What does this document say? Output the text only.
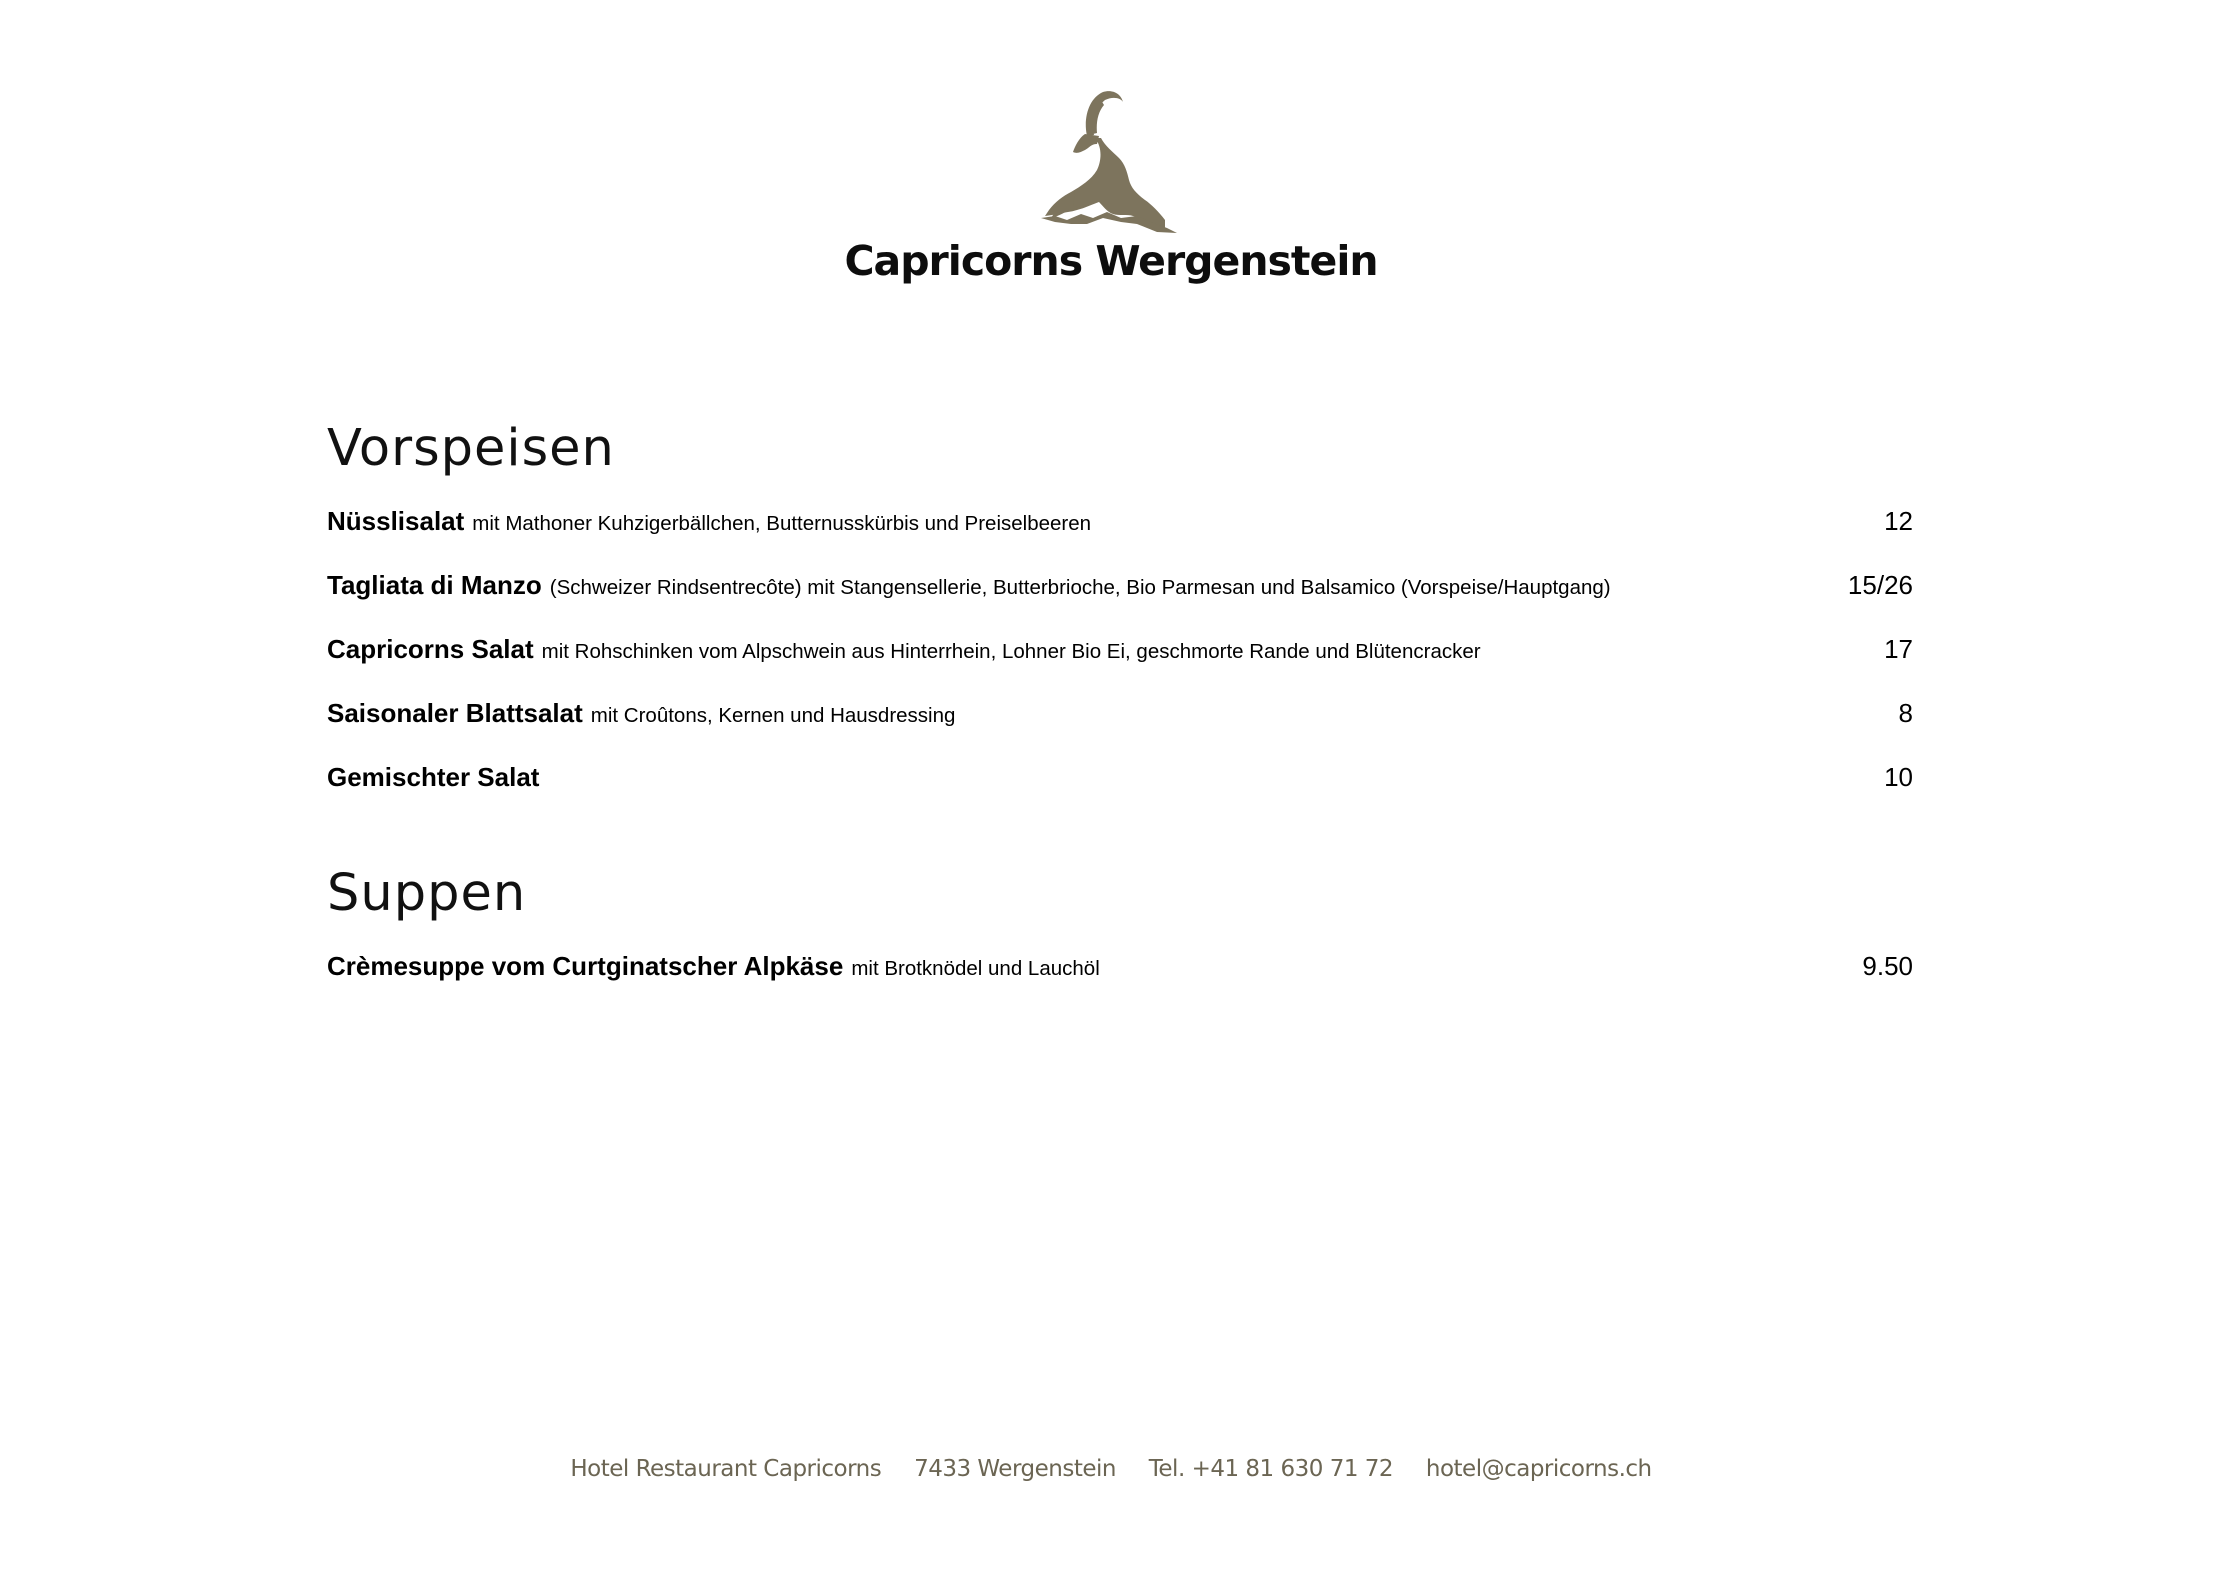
Capricorns Wergenstein
Vorspeisen
Nüsslisalat mit Mathoner Kuhzigerbällchen, Butternusskürbis und Preiselbeeren	12
Tagliata di Manzo (Schweizer Rindsentrecôte) mit Stangensellerie, Butterbrioche, Bio Parmesan und Balsamico (Vorspeise/Hauptgang)	15/26
Capricorns Salat mit Rohschinken vom Alpschwein aus Hinterrhein, Lohner Bio Ei, geschmorte Rande und Blütencracker	17
Saisonaler Blattsalat mit Croûtons, Kernen und Hausdressing	8
Gemischter Salat	10
Suppen
Crèmesuppe vom Curtginatscher Alpkäse mit Brotknödel und Lauchöl	9.50
Hotel Restaurant Capricorns 7433 Wergenstein Tel. +41 81 630 71 72 hotel@capricorns.ch
